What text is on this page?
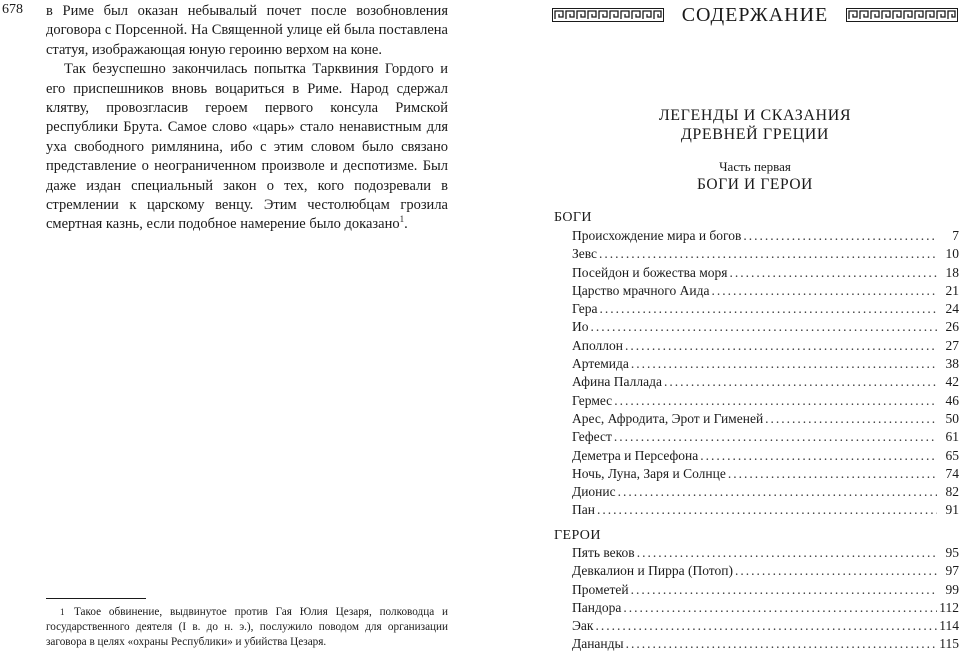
678 в Риме был оказан небывалый почет после возобновления договора с Порсенной. На Священной улице ей была поставлена статуя, изображающая юную героиню верхом на коне.

Так безуспешно закончилась попытка Тарквиния Гордого и его приспешников вновь воцариться в Риме. Народ сдержал клятву, провозгласив героем первого консула Римской республики Брута. Самое слово «царь» стало ненавистным для уха свободного римлянина, ибо с этим словом было связано представление о неограниченном произволе и деспотизме. Был даже издан специальный закон о тех, кого подозревали в стремлении к царскому венцу. Этим честолюбцам грозила смертная казнь, если подобное намерение было доказано$^1$.

1 Такое обвинение, выдвинутое против Гая Юлия Цезаря, полководца и государственного деятеля (I в. до н. э.), послужило поводом для организации заговора в целях «охраны Республики» и убийства Цезаря.
СОДЕРЖАНИЕ
ЛЕГЕНДЫ И СКАЗАНИЯ
ДРЕВНЕЙ ГРЕЦИИ
Часть первая
БОГИ И ГЕРОИ
БОГИ
Происхождение мира и богов .....	7
Зевс .....	10
Посейдон и божества моря .....	18
Царство мрачного Аида .....	21
Гера .....	24
Ио .....	26
Аполлон .....	27
Артемида .....	38
Афина Паллада .....	42
Гермес .....	46
Арес, Афродита, Эрот и Гименей .....	50
Гефест .....	61
Деметра и Персефона .....	65
Ночь, Луна, Заря и Солнце .....	74
Дионис .....	82
Пан .....	91
ГЕРОИ
Пять веков .....	95
Девкалион и Пирра (Потоп) .....	97
Прометей .....	99
Пандора .....	112
Эак .....	114
Дананды .....	115
